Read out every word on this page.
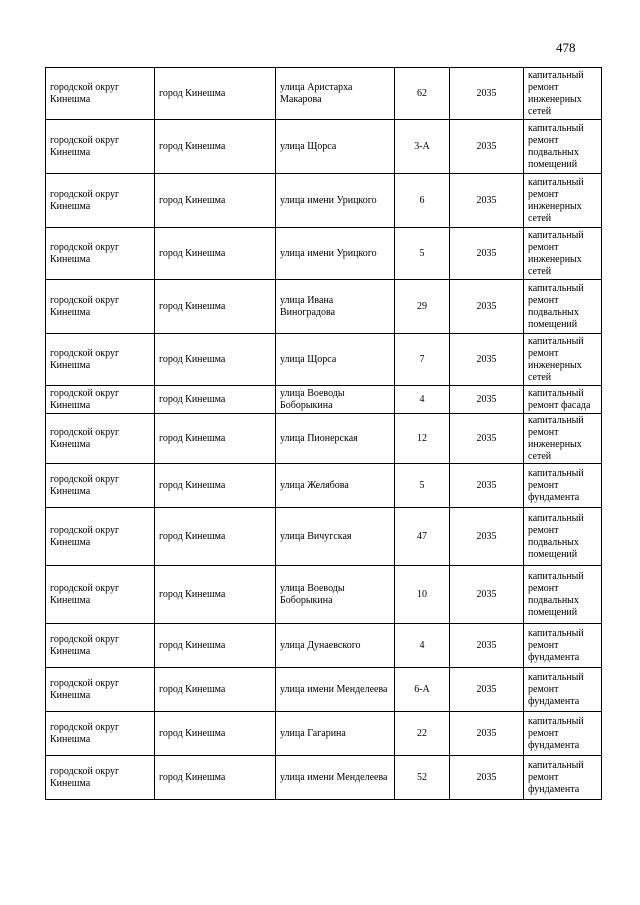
478
городской округ Кинешма	город Кинешма	улица Аристарха Макарова	62	2035	капитальный ремонт инженерных сетей
городской округ Кинешма	город Кинешма	улица Щорса	3-А	2035	капитальный ремонт подвальных помещений
городской округ Кинешма	город Кинешма	улица имени Урицкого	6	2035	капитальный ремонт инженерных сетей
городской округ Кинешма	город Кинешма	улица имени Урицкого	5	2035	капитальный ремонт инженерных сетей
городской округ Кинешма	город Кинешма	улица Ивана Виноградова	29	2035	капитальный ремонт подвальных помещений
городской округ Кинешма	город Кинешма	улица Щорса	7	2035	капитальный ремонт инженерных сетей
городской округ Кинешма	город Кинешма	улица Воеводы Боборыкина	4	2035	капитальный ремонт фасада
городской округ Кинешма	город Кинешма	улица Пионерская	12	2035	капитальный ремонт инженерных сетей
городской округ Кинешма	город Кинешма	улица Желябова	5	2035	капитальный ремонт фундамента
городской округ Кинешма	город Кинешма	улица Вичугская	47	2035	капитальный ремонт подвальных помещений
городской округ Кинешма	город Кинешма	улица Воеводы Боборыкина	10	2035	капитальный ремонт подвальных помещений
городской округ Кинешма	город Кинешма	улица Дунаевского	4	2035	капитальный ремонт фундамента
городской округ Кинешма	город Кинешма	улица имени Менделеева	6-А	2035	капитальный ремонт фундамента
городской округ Кинешма	город Кинешма	улица Гагарина	22	2035	капитальный ремонт фундамента
городской округ Кинешма	город Кинешма	улица имени Менделеева	52	2035	капитальный ремонт фундамента
